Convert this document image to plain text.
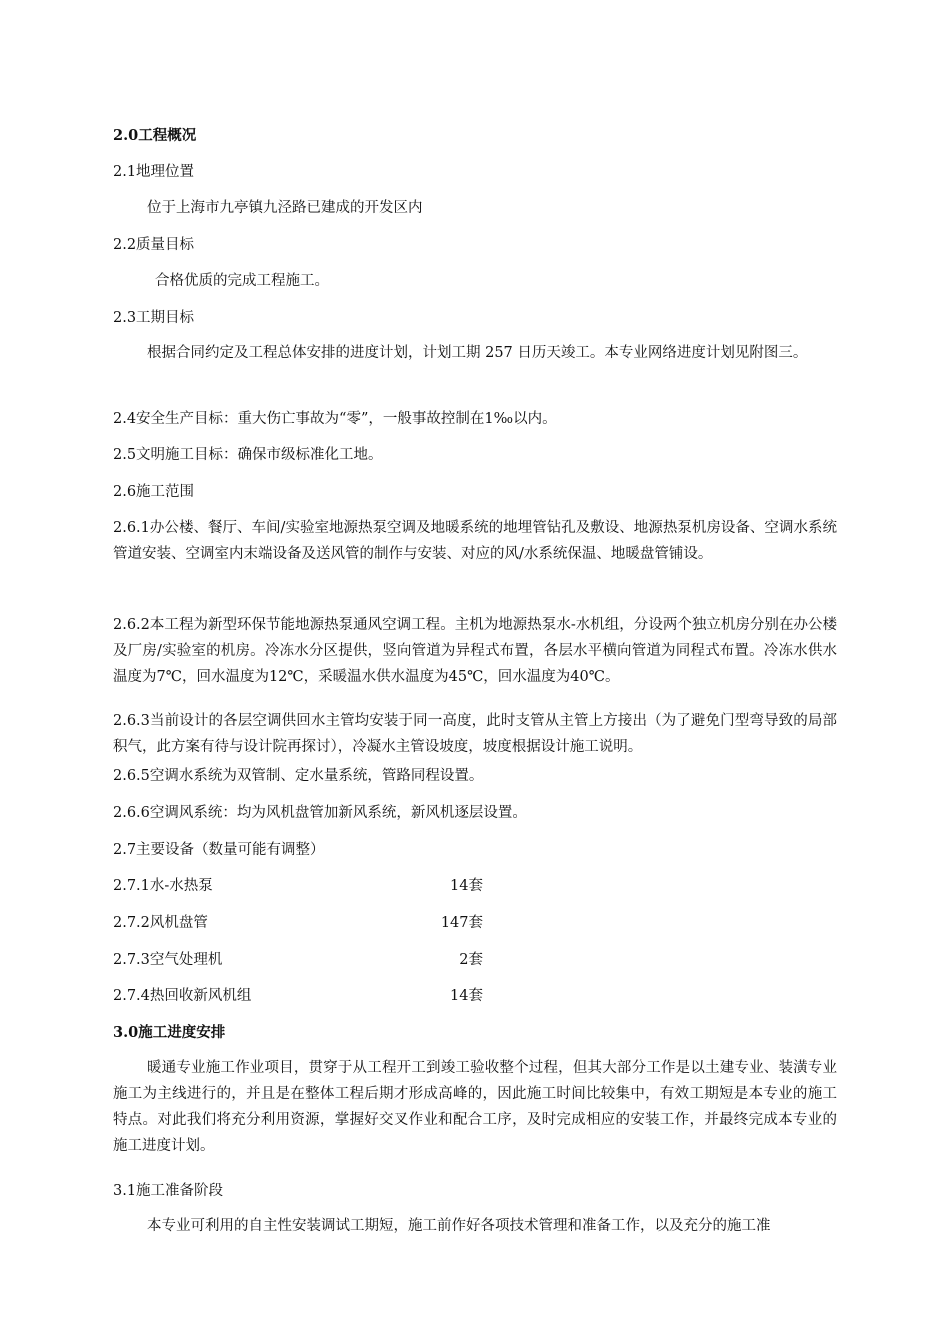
2.0工程概况
2.1地理位置
位于上海市九亭镇九泾路已建成的开发区内
2.2质量目标
合格优质的完成工程施工。
2.3工期目标
根据合同约定及工程总体安排的进度计划，计划工期 257 日历天竣工。本专业网络进度计划见附图三。
2.4安全生产目标：重大伤亡事故为“零”，一般事故控制在1‰以内。
2.5文明施工目标：确保市级标准化工地。
2.6施工范围
2.6.1办公楼、餐厅、车间/实验室地源热泵空调及地暖系统的地埋管钻孔及敷设、地源热泵机房设备、空调水系统管道安装、空调室内末端设备及送风管的制作与安装、对应的风/水系统保温、地暖盘管铺设。
2.6.2本工程为新型环保节能地源热泵通风空调工程。主机为地源热泵水-水机组，分设两个独立机房分别在办公楼及厂房/实验室的机房。冷冻水分区提供，竖向管道为异程式布置，各层水平横向管道为同程式布置。冷冻水供水温度为7℃，回水温度为12℃，采暖温水供水温度为45℃，回水温度为40℃。
2.6.3当前设计的各层空调供回水主管均安装于同一高度，此时支管从主管上方接出（为了避免门型弯导致的局部积气，此方案有待与设计院再探讨），冷凝水主管设坡度，坡度根据设计施工说明。
2.6.5空调水系统为双管制、定水量系统，管路同程设置。
2.6.6空调风系统：均为风机盘管加新风系统，新风机逐层设置。
2.7主要设备（数量可能有调整）
2.7.1水-水热泵	14套
2.7.2风机盘管	147套
2.7.3空气处理机	2套
2.7.4热回收新风机组	14套
3.0施工进度安排
暖通专业施工作业项目，贯穿于从工程开工到竣工验收整个过程，但其大部分工作是以土建专业、装潢专业施工为主线进行的，并且是在整体工程后期才形成高峰的，因此施工时间比较集中，有效工期短是本专业的施工特点。对此我们将充分利用资源，掌握好交叉作业和配合工序，及时完成相应的安装工作，并最终完成本专业的施工进度计划。
3.1施工准备阶段
本专业可利用的自主性安装调试工期短，施工前作好各项技术管理和准备工作，以及充分的施工准
